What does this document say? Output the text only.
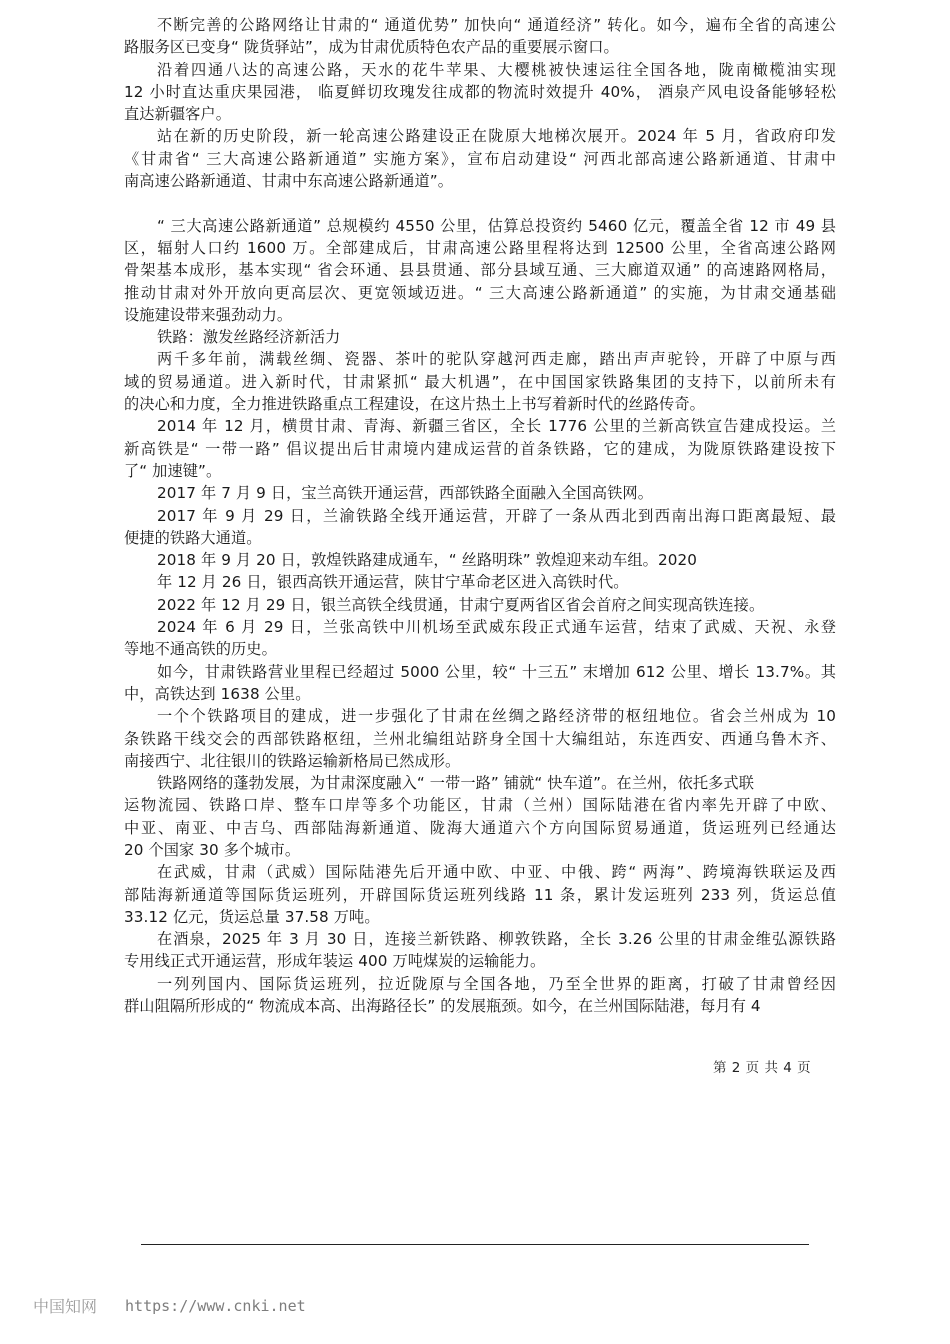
不断完善的公路网络让甘肃的“ 通道优势” 加快向“ 通道经济” 转化。如今，遍布全省的高速公
路服务区已变身“ 陇货驿站”，成为甘肃优质特色农产品的重要展示窗口。
沿着四通八达的高速公路，天水的花牛苹果、大樱桃被快速运往全国各地，陇南橄榄油实现
12 小时直达重庆果园港， 临夏鲜切玫瑰发往成都的物流时效提升 40%， 酒泉产风电设备能够轻松
直达新疆客户。
站在新的历史阶段，新一轮高速公路建设正在陇原大地梯次展开。2024 年 5 月，省政府印发
《甘肃省“ 三大高速公路新通道” 实施方案》，宣布启动建设“ 河西北部高速公路新通道、甘肃中
南高速公路新通道、甘肃中东高速公路新通道”。
“ 三大高速公路新通道” 总规模约 4550 公里，估算总投资约 5460 亿元，覆盖全省 12 市 49 县
区，辐射人口约 1600 万。全部建成后，甘肃高速公路里程将达到 12500 公里，全省高速公路网
骨架基本成形，基本实现“ 省会环通、县县贯通、部分县域互通、三大廊道双通” 的高速路网格局，
推动甘肃对外开放向更高层次、更宽领域迈进。“ 三大高速公路新通道” 的实施，为甘肃交通基础
设施建设带来强劲动力。
铁路：激发丝路经济新活力
两千多年前，满载丝绸、瓷器、茶叶的驼队穿越河西走廊，踏出声声驼铃，开辟了中原与西
域的贸易通道。进入新时代，甘肃紧抓“ 最大机遇”，在中国国家铁路集团的支持下，以前所未有
的决心和力度，全力推进铁路重点工程建设，在这片热土上书写着新时代的丝路传奇。
2014 年 12 月，横贯甘肃、青海、新疆三省区，全长 1776 公里的兰新高铁宣告建成投运。兰
新高铁是“ 一带一路” 倡议提出后甘肃境内建成运营的首条铁路，它的建成，为陇原铁路建设按下
了“ 加速键”。
2017 年 7 月 9 日，宝兰高铁开通运营，西部铁路全面融入全国高铁网。
2017 年 9 月 29 日，兰渝铁路全线开通运营，开辟了一条从西北到西南出海口距离最短、最
便捷的铁路大通道。
2018 年 9 月 20 日，敦煌铁路建成通车，“ 丝路明珠” 敦煌迎来动车组。2020
年 12 月 26 日，银西高铁开通运营，陕甘宁革命老区进入高铁时代。
2022 年 12 月 29 日，银兰高铁全线贯通，甘肃宁夏两省区省会首府之间实现高铁连接。
2024 年 6 月 29 日，兰张高铁中川机场至武威东段正式通车运营，结束了武威、天祝、永登
等地不通高铁的历史。
如今，甘肃铁路营业里程已经超过 5000 公里，较“ 十三五” 末增加 612 公里、增长 13.7%。其
中，高铁达到 1638 公里。
一个个铁路项目的建成，进一步强化了甘肃在丝绸之路经济带的枢纽地位。省会兰州成为 10
条铁路干线交会的西部铁路枢纽，兰州北编组站跻身全国十大编组站，东连西安、西通乌鲁木齐、
南接西宁、北往银川的铁路运输新格局已然成形。
铁路网络的蓬勃发展，为甘肃深度融入“ 一带一路” 铺就“ 快车道”。在兰州，依托多式联
运物流园、铁路口岸、整车口岸等多个功能区，甘肃（兰州）国际陆港在省内率先开辟了中欧、
中亚、南亚、中吉乌、西部陆海新通道、陇海大通道六个方向国际贸易通道，货运班列已经通达
20 个国家 30 多个城市。
在武威，甘肃（武威）国际陆港先后开通中欧、中亚、中俄、跨“ 两海”、跨境海铁联运及西
部陆海新通道等国际货运班列，开辟国际货运班列线路 11 条，累计发运班列 233 列，货运总值
33.12 亿元，货运总量 37.58 万吨。
在酒泉，2025 年 3 月 30 日，连接兰新铁路、柳敦铁路，全长 3.26 公里的甘肃金维弘源铁路
专用线正式开通运营，形成年装运 400 万吨煤炭的运输能力。
一列列国内、国际货运班列，拉近陇原与全国各地，乃至全世界的距离，打破了甘肃曾经因
群山阻隔所形成的“ 物流成本高、出海路径长” 的发展瓶颈。如今，在兰州国际陆港，每月有 4
第 2 页 共 4 页
中国知网 https://www.cnki.net
